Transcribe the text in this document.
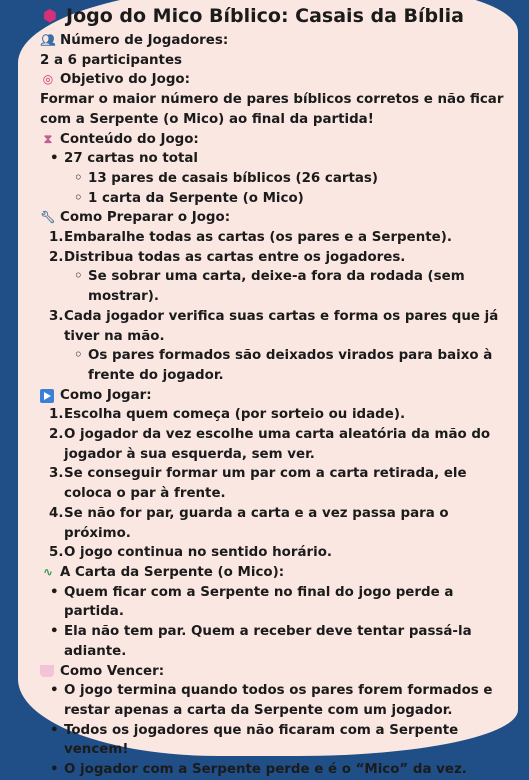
⬢ Jogo do Mico Bíblico: Casais da Bíblia
👥︎ Número de Jogadores:

2 a 6 participantes

◎ Objetivo do Jogo:

Formar o maior número de pares bíblicos corretos e não ficar com a Serpente (o Mico) ao final da partida!

⧗ Conteúdo do Jogo:
• 27 cartas no total
◦ 13 pares de casais bíblicos (26 cartas)
◦ 1 carta da Serpente (o Mico)
🔧︎ Como Preparar o Jogo:
1. Embaralhe todas as cartas (os pares e a Serpente).
2. Distribua todas as cartas entre os jogadores.
◦ Se sobrar uma carta, deixe-a fora da rodada (sem mostrar).
3. Cada jogador verifica suas cartas e forma os pares que já tiver na mão.
◦ Os pares formados são deixados virados para baixo à frente do jogador.
Como Jogar:
1. Escolha quem começa (por sorteio ou idade).
2. O jogador da vez escolhe uma carta aleatória da mão do jogador à sua esquerda, sem ver.
3. Se conseguir formar um par com a carta retirada, ele coloca o par à frente.
4. Se não for par, guarda a carta e a vez passa para o próximo.
5. O jogo continua no sentido horário.
∿ A Carta da Serpente (o Mico):
• Quem ficar com a Serpente no final do jogo perde a partida.
• Ela não tem par. Quem a receber deve tentar passá-la adiante.
Como Vencer:
• O jogo termina quando todos os pares forem formados e restar apenas a carta da Serpente com um jogador.
• Todos os jogadores que não ficaram com a Serpente vencem!
• O jogador com a Serpente perde e é o “Mico” da vez.
